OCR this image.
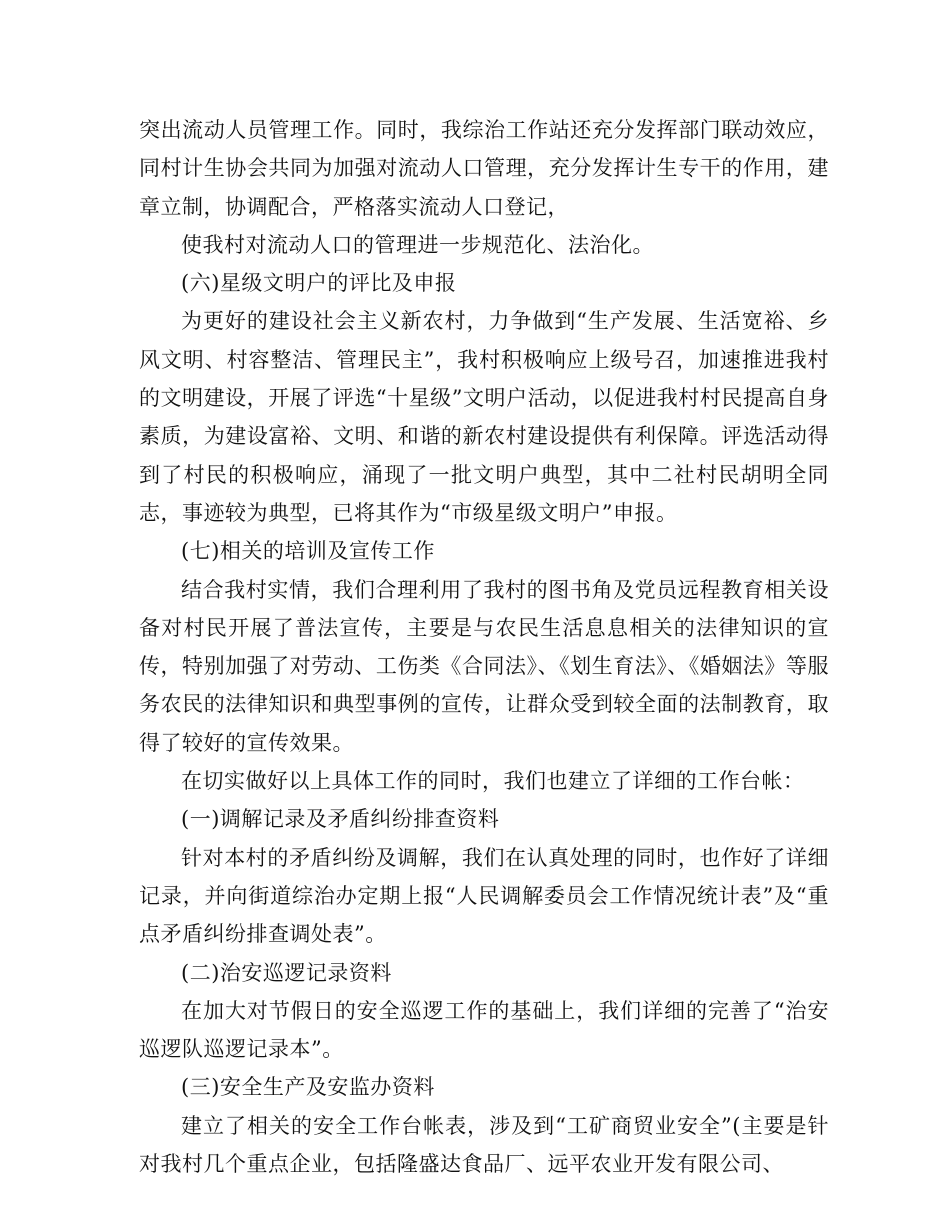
突出流动人员管理工作。同时，我综治工作站还充分发挥部门联动效应，同村计生协会共同为加强对流动人口管理，充分发挥计生专干的作用，建章立制，协调配合，严格落实流动人口登记，

使我村对流动人口的管理进一步规范化、法治化。

(六)星级文明户的评比及申报

为更好的建设社会主义新农村，力争做到“生产发展、生活宽裕、乡风文明、村容整洁、管理民主”，我村积极响应上级号召，加速推进我村的文明建设，开展了评选“十星级”文明户活动，以促进我村村民提高自身素质，为建设富裕、文明、和谐的新农村建设提供有利保障。评选活动得到了村民的积极响应，涌现了一批文明户典型，其中二社村民胡明全同志，事迹较为典型，已将其作为“市级星级文明户”申报。

(七)相关的培训及宣传工作

结合我村实情，我们合理利用了我村的图书角及党员远程教育相关设备对村民开展了普法宣传，主要是与农民生活息息相关的法律知识的宣传，特别加强了对劳动、工伤类《合同法》、《划生育法》、《婚姻法》等服务农民的法律知识和典型事例的宣传，让群众受到较全面的法制教育，取得了较好的宣传效果。

在切实做好以上具体工作的同时，我们也建立了详细的工作台帐：

(一)调解记录及矛盾纠纷排查资料

针对本村的矛盾纠纷及调解，我们在认真处理的同时，也作好了详细记录，并向街道综治办定期上报“人民调解委员会工作情况统计表”及“重点矛盾纠纷排查调处表”。

(二)治安巡逻记录资料

在加大对节假日的安全巡逻工作的基础上，我们详细的完善了“治安巡逻队巡逻记录本”。

(三)安全生产及安监办资料

建立了相关的安全工作台帐表，涉及到“工矿商贸业安全”(主要是针对我村几个重点企业，包括隆盛达食品厂、远平农业开发有限公司、
